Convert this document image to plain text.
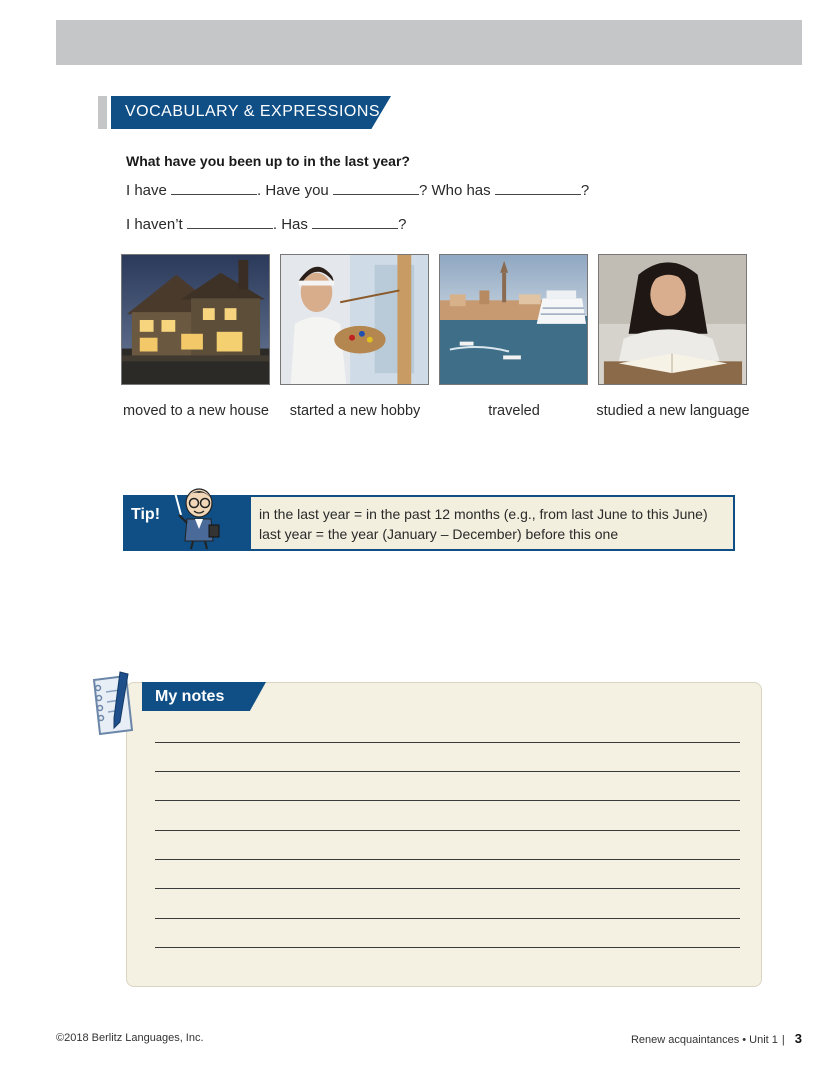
VOCABULARY & EXPRESSIONS
What have you been up to in the last year?
I have	. Have you	? Who has	?
I haven’t	. Has	?
moved to a new house	started a new hobby	traveled	studied a new language
Tip!	in the last year = in the past 12 months (e.g., from last June to this June)
last year = the year (January – December) before this one
My notes
©2018 Berlitz Languages, Inc.	Renew acquaintances • Unit 1 | 3
